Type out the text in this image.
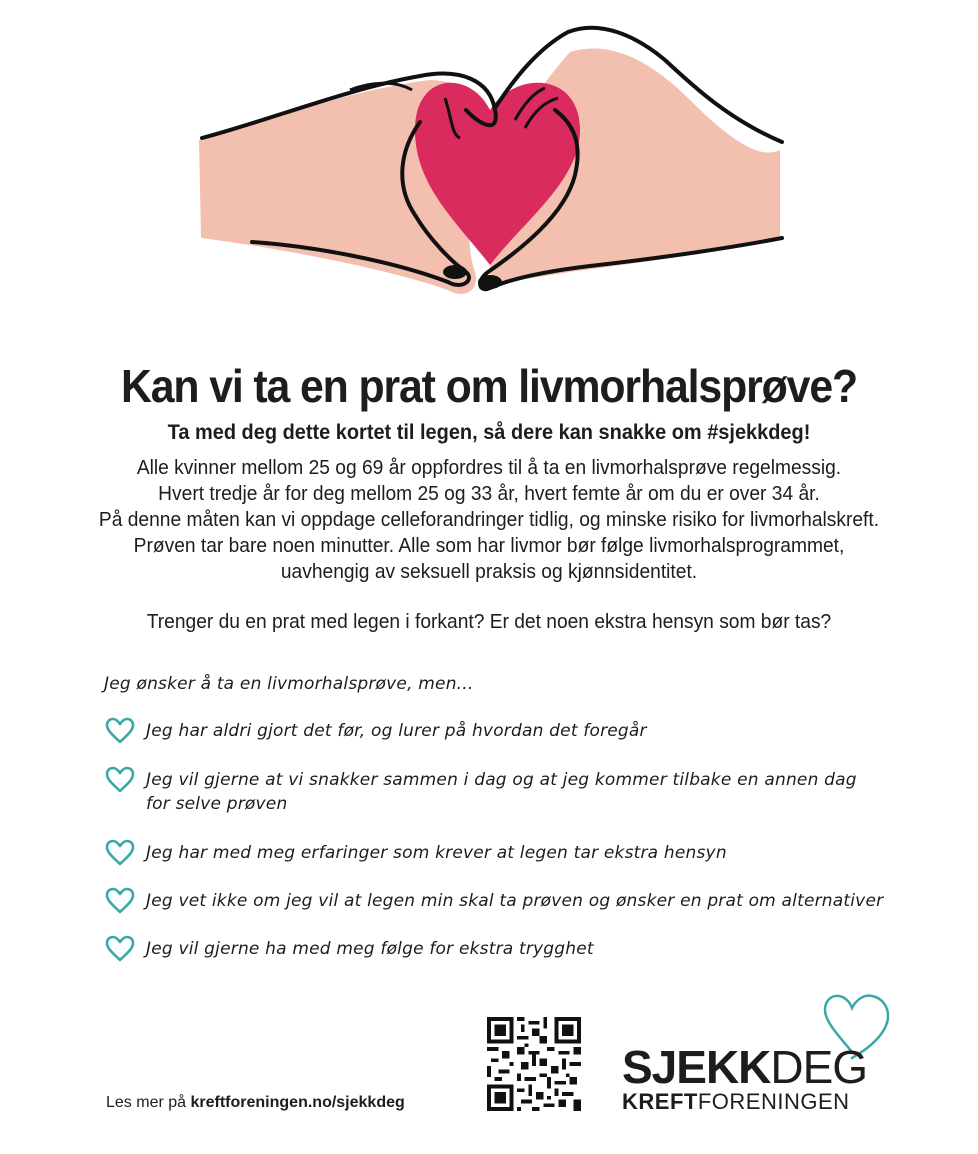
Kan vi ta en prat om livmorhalsprøve?
Ta med deg dette kortet til legen, så dere kan snakke om #sjekkdeg!
Alle kvinner mellom 25 og 69 år oppfordres til å ta en livmorhalsprøve regelmessig.
Hvert tredje år for deg mellom 25 og 33 år, hvert femte år om du er over 34 år.
På denne måten kan vi oppdage celleforandringer tidlig, og minske risiko for livmorhalskreft.
Prøven tar bare noen minutter. Alle som har livmor bør følge livmorhalsprogrammet,
uavhengig av seksuell praksis og kjønnsidentitet.
Trenger du en prat med legen i forkant? Er det noen ekstra hensyn som bør tas?
Jeg ønsker å ta en livmorhalsprøve, men...
Jeg har aldri gjort det før, og lurer på hvordan det foregår
Jeg vil gjerne at vi snakker sammen i dag og at jeg kommer tilbake en annen dag
for selve prøven
Jeg har med meg erfaringer som krever at legen tar ekstra hensyn
Jeg vet ikke om jeg vil at legen min skal ta prøven og ønsker en prat om alternativer
Jeg vil gjerne ha med meg følge for ekstra trygghet
Les mer på kreftforeningen.no/sjekkdeg
SJEKKDEG
KREFTFORENINGEN
